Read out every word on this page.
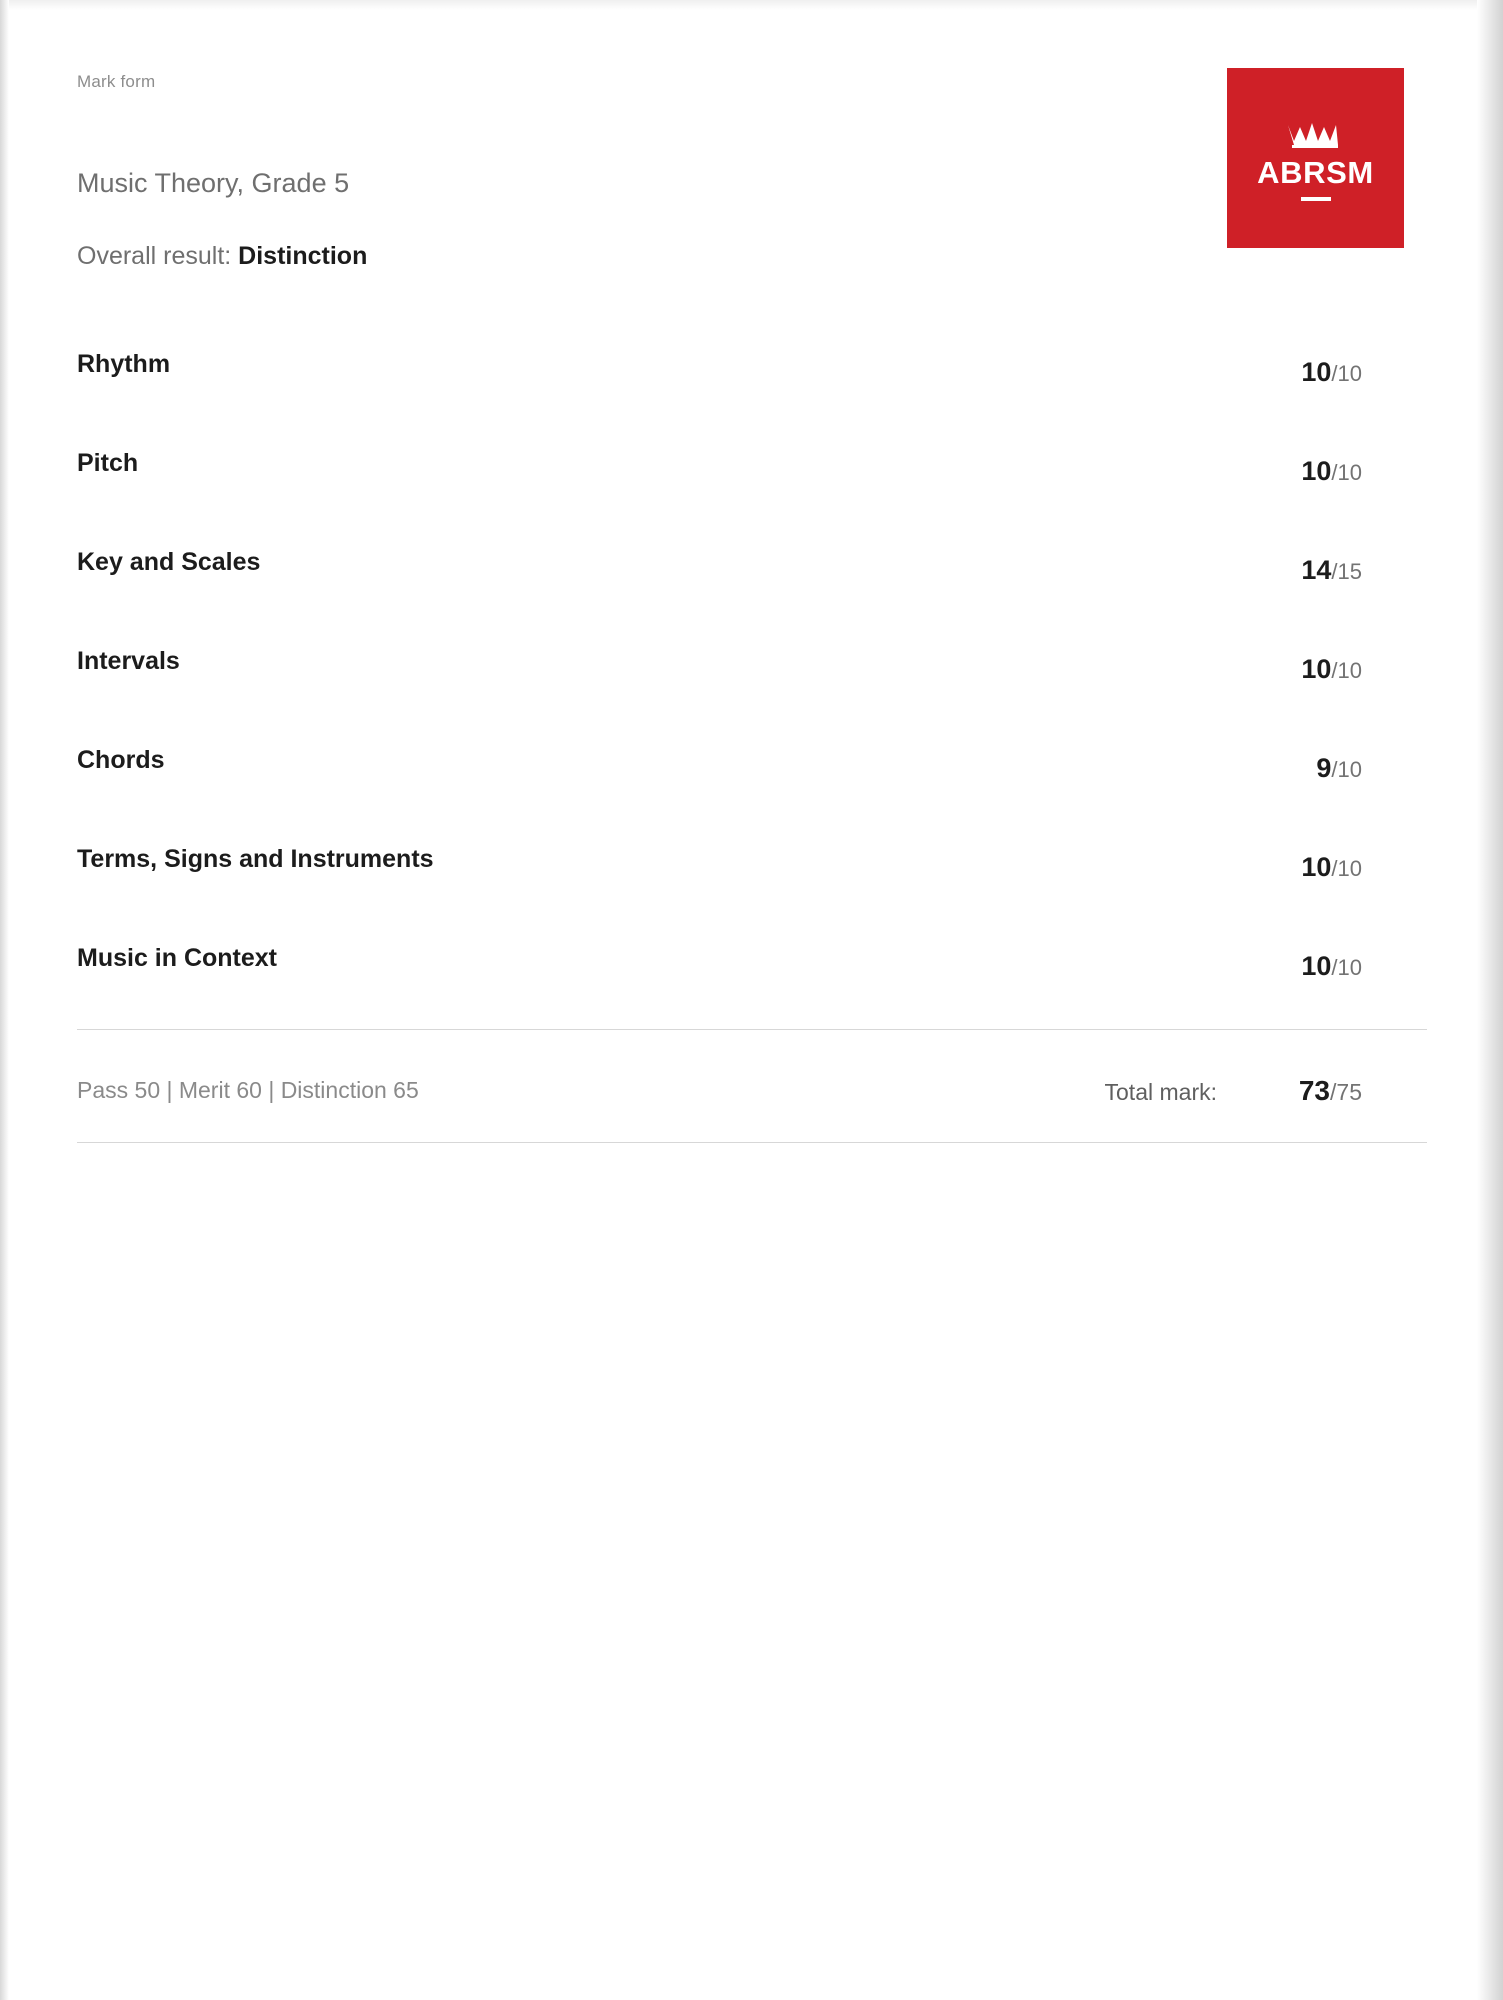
Mark form
Music Theory, Grade 5
Overall result: Distinction
ABRSM
Rhythm	10/10
Pitch	10/10
Key and Scales	14/15
Intervals	10/10
Chords	9/10
Terms, Signs and Instruments	10/10
Music in Context	10/10
Pass 50 | Merit 60 | Distinction 65	Total mark:	73/75
